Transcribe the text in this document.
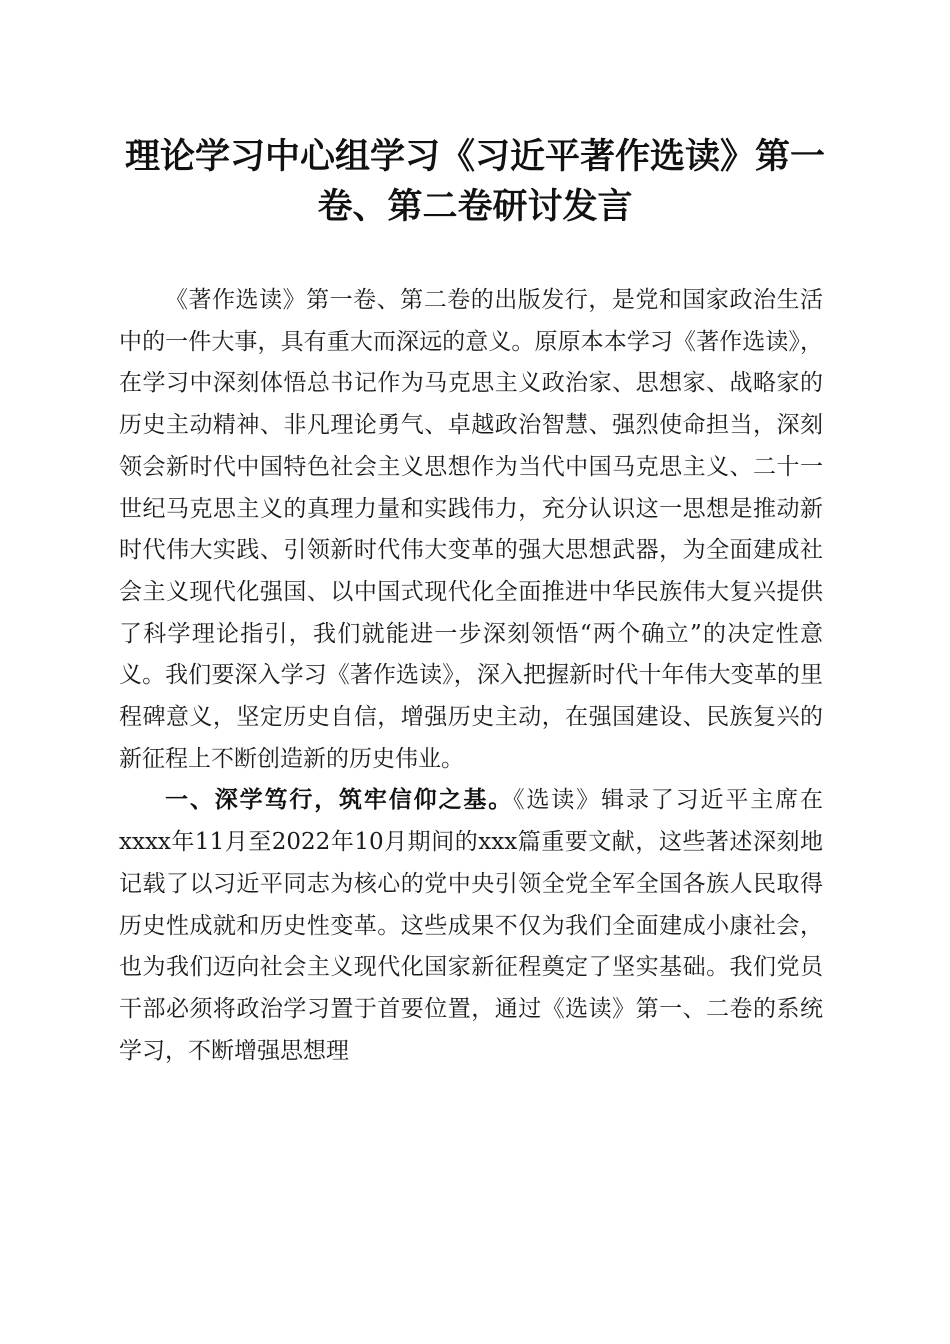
理论学习中心组学习《习近平著作选读》第一卷、第二卷研讨发言

《著作选读》第一卷、第二卷的出版发行，是党和国家政治生活中的一件大事，具有重大而深远的意义。原原本本学习《著作选读》，在学习中深刻体悟总书记作为马克思主义政治家、思想家、战略家的历史主动精神、非凡理论勇气、卓越政治智慧、强烈使命担当，深刻领会新时代中国特色社会主义思想作为当代中国马克思主义、二十一世纪马克思主义的真理力量和实践伟力，充分认识这一思想是推动新时代伟大实践、引领新时代伟大变革的强大思想武器，为全面建成社会主义现代化强国、以中国式现代化全面推进中华民族伟大复兴提供了科学理论指引，我们就能进一步深刻领悟“两个确立”的决定性意义。我们要深入学习《著作选读》，深入把握新时代十年伟大变革的里程碑意义，坚定历史自信，增强历史主动，在强国建设、民族复兴的新征程上不断创造新的历史伟业。

一、深学笃行，筑牢信仰之基。《选读》辑录了习近平主席在xxxx年11月至2022年10月期间的xxx篇重要文献，这些著述深刻地记载了以习近平同志为核心的党中央引领全党全军全国各族人民取得历史性成就和历史性变革。这些成果不仅为我们全面建成小康社会，也为我们迈向社会主义现代化国家新征程奠定了坚实基础。我们党员干部必须将政治学习置于首要位置，通过《选读》第一、二卷的系统学习，不断增强思想理
